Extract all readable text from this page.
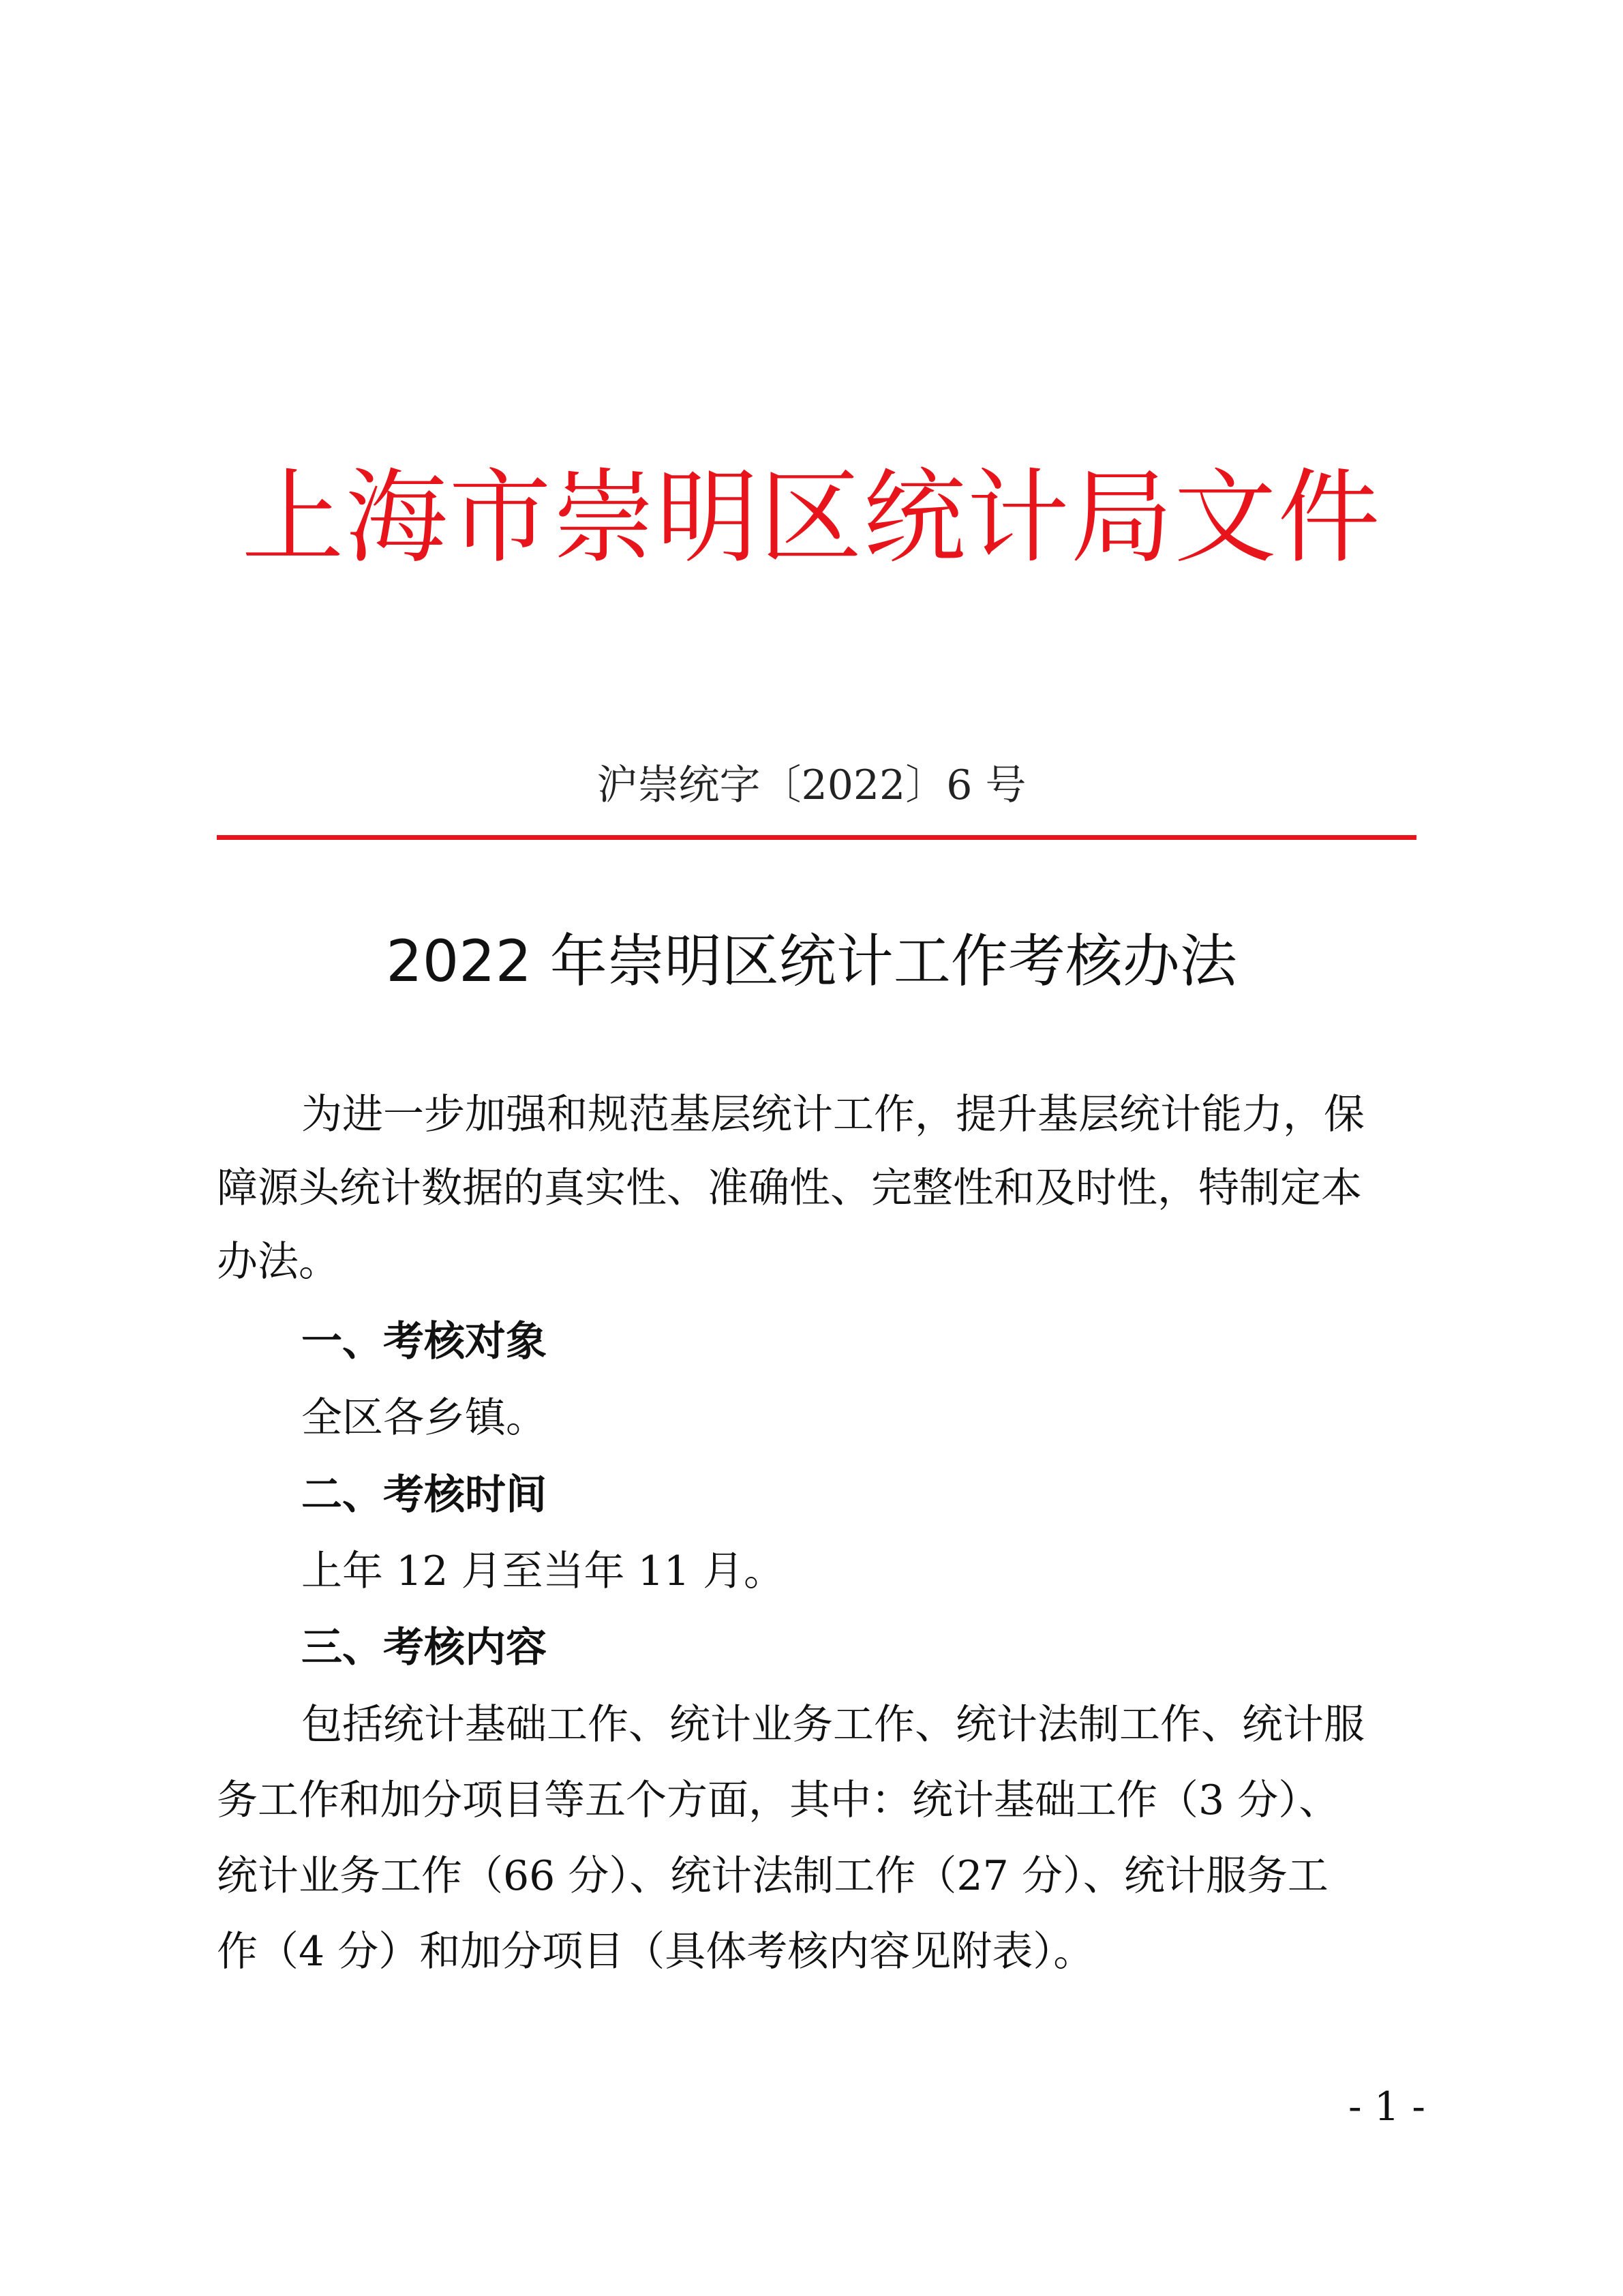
上海市崇明区统计局文件
沪崇统字〔2022〕6 号
2022 年崇明区统计工作考核办法
为进一步加强和规范基层统计工作，提升基层统计能力，保
障源头统计数据的真实性、准确性、完整性和及时性，特制定本
办法。
一、考核对象
全区各乡镇。
二、考核时间
上年 12 月至当年 11 月。
三、考核内容
包括统计基础工作、统计业务工作、统计法制工作、统计服
务工作和加分项目等五个方面，其中：统计基础工作（3 分）、
统计业务工作（66 分）、统计法制工作（27 分）、统计服务工
作（4 分）和加分项目（具体考核内容见附表）。
- 1 -
